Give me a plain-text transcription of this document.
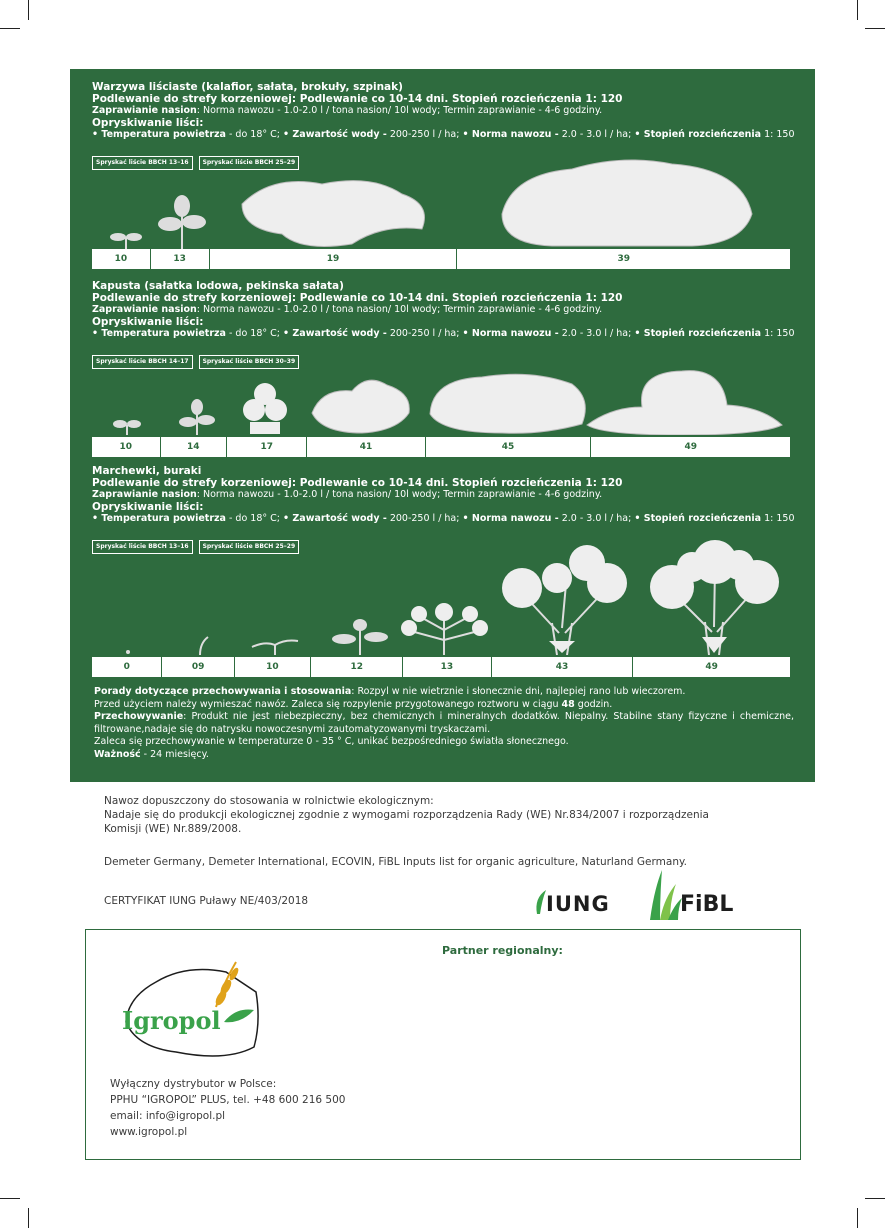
Warzywa liściaste (kalafior, sałata, brokuły, szpinak)
Podlewanie do strefy korzeniowej: Podlewanie co 10-14 dni. Stopień rozcieńczenia 1: 120
Zaprawianie nasion: Norma nawozu - 1.0-2.0 l / tona nasion/ 10l wody; Termin zaprawianie - 4-6 godziny.
Opryskiwanie liści:
• Temperatura powietrza - do 18° C; • Zawartość wody - 200-250 l / ha; • Norma nawozu - 2.0 - 3.0 l / ha; • Stopień rozcieńczenia 1: 150
Spryskać liście BBCH 13–16	Spryskać liście BBCH 25–29
10	13	19	39
Kapusta (sałatka lodowa, pekinska sałata)
Podlewanie do strefy korzeniowej: Podlewanie co 10-14 dni. Stopień rozcieńczenia 1: 120
Zaprawianie nasion: Norma nawozu - 1.0-2.0 l / tona nasion/ 10l wody; Termin zaprawianie - 4-6 godziny.
Opryskiwanie liści:
• Temperatura powietrza - do 18° C; • Zawartość wody - 200-250 l / ha; • Norma nawozu - 2.0 - 3.0 l / ha; • Stopień rozcieńczenia 1: 150
Spryskać liście BBCH 14–17	Spryskać liście BBCH 30–39
10	14	17	41	45	49
Marchewki, buraki
Podlewanie do strefy korzeniowej: Podlewanie co 10-14 dni. Stopień rozcieńczenia 1: 120
Zaprawianie nasion: Norma nawozu - 1.0-2.0 l / tona nasion/ 10l wody; Termin zaprawianie - 4-6 godziny.
Opryskiwanie liści:
• Temperatura powietrza - do 18° C; • Zawartość wody - 200-250 l / ha; • Norma nawozu - 2.0 - 3.0 l / ha; • Stopień rozcieńczenia 1: 150
Spryskać liście BBCH 13–16	Spryskać liście BBCH 25–29
0	09	10	12	13	43	49
Porady dotyczące przechowywania i stosowania: Rozpyl w nie wietrznie i słonecznie dni, najlepiej rano lub wieczorem.
Przed użyciem należy wymieszać nawóz. Zaleca się rozpylenie przygotowanego roztworu w ciągu 48 godzin.
Przechowywanie: Produkt nie jest niebezpieczny, bez chemicznych i mineralnych dodatków. Niepalny. Stabilne stany fizyczne i chemiczne, filtrowane,nadaje się do natrysku nowoczesnymi zautomatyzowanymi tryskaczami.
Zaleca się przechowywanie w temperaturze 0 - 35 ° C, unikać bezpośredniego światła słonecznego.
Ważność - 24 miesięcy.
Nawoz dopuszczony do stosowania w rolnictwie ekologicznym:
Nadaje się do produkcji ekologicznej zgodnie z wymogami rozporządzenia Rady (WE) Nr.834/2007 i rozporządzenia
Komisji (WE) Nr.889/2008.
Demeter Germany, Demeter International, ECOVIN, FiBL Inputs list for organic agriculture, Naturland Germany.
CERTYFIKAT IUNG Puławy NE/403/2018	IUNG	FiBL
Partner regionalny:
Igropol
Wyłączny dystrybutor w Polsce:
PPHU “IGROPOL” PLUS, tel. +48 600 216 500
email: info@igropol.pl
www.igropol.pl
